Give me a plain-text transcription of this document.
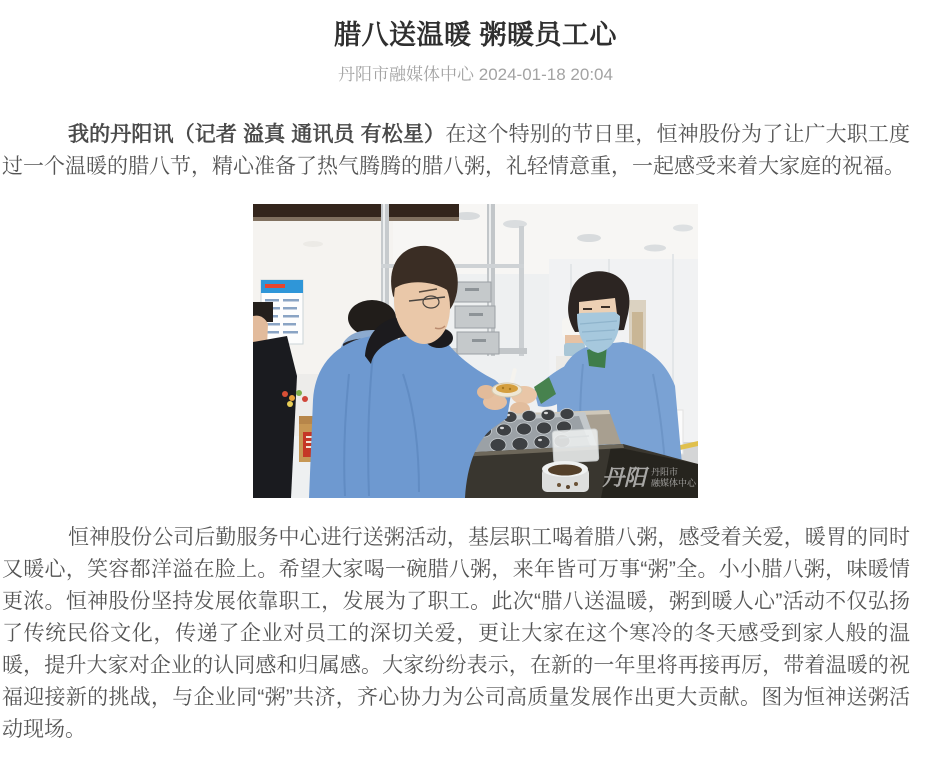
腊八送温暖 粥暖员工心
丹阳市融媒体中心 2024-01-18 20:04

我的丹阳讯（记者 溢真 通讯员 有松星）在这个特别的节日里，恒神股份为了让广大职工度过一个温暖的腊八节，精心准备了热气腾腾的腊八粥，礼轻情意重，一起感受来着大家庭的祝福。

丹阳 丹阳市
融媒体中心

恒神股份公司后勤服务中心进行送粥活动，基层职工喝着腊八粥，感受着关爱，暖胃的同时又暖心，笑容都洋溢在脸上。希望大家喝一碗腊八粥，来年皆可万事“粥”全。小小腊八粥，味暖情更浓。恒神股份坚持发展依靠职工，发展为了职工。此次“腊八送温暖，粥到暖人心”活动不仅弘扬了传统民俗文化，传递了企业对员工的深切关爱，更让大家在这个寒冷的冬天感受到家人般的温暖，提升大家对企业的认同感和归属感。大家纷纷表示，在新的一年里将再接再厉，带着温暖的祝福迎接新的挑战，与企业同“粥”共济，齐心协力为公司高质量发展作出更大贡献。图为恒神送粥活动现场。
